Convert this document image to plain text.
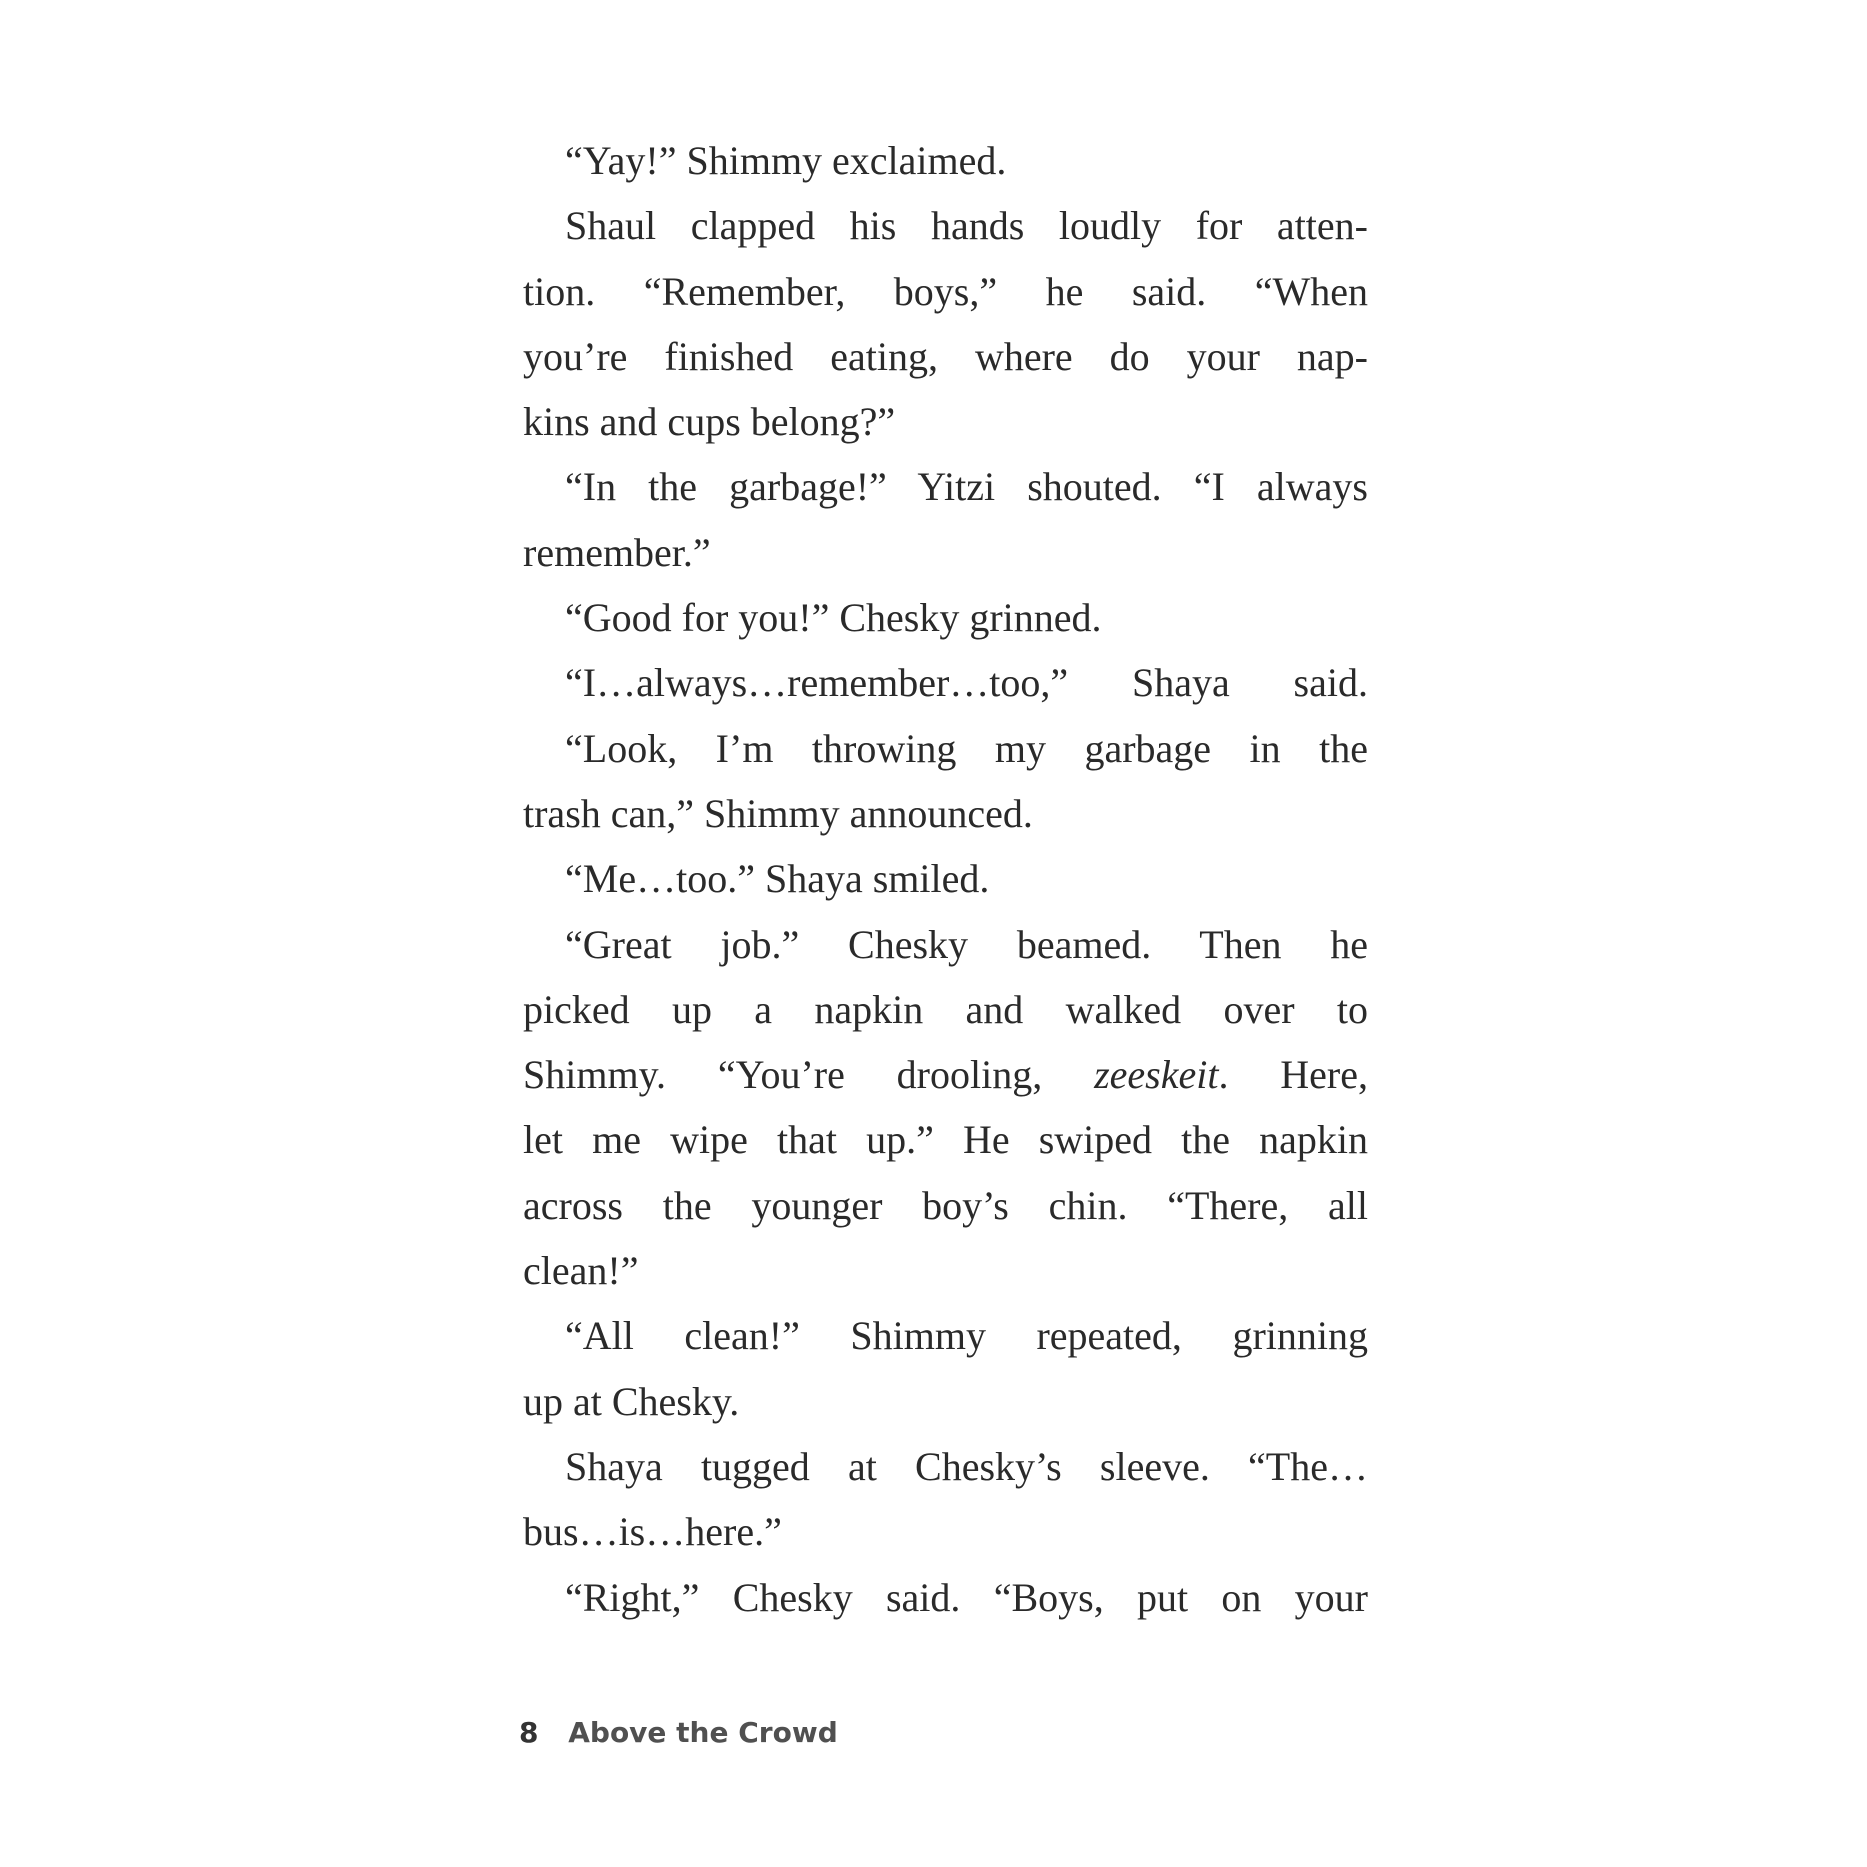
“Yay!” Shimmy exclaimed.
Shaul clapped his hands loudly for atten-
tion. “Remember, boys,” he said. “When
you’re finished eating, where do your nap-
kins and cups belong?”
“In the garbage!” Yitzi shouted. “I always
remember.”
“Good for you!” Chesky grinned.
“I…always…remember…too,” Shaya said.
“Look, I’m throwing my garbage in the
trash can,” Shimmy announced.
“Me…too.” Shaya smiled.
“Great job.” Chesky beamed. Then he
picked up a napkin and walked over to
Shimmy. “You’re drooling, zeeskeit. Here,
let me wipe that up.” He swiped the napkin
across the younger boy’s chin. “There, all
clean!”
“All clean!” Shimmy repeated, grinning
up at Chesky.
Shaya tugged at Chesky’s sleeve. “The…
bus…is…here.”
“Right,” Chesky said. “Boys, put on your
8 Above the Crowd
